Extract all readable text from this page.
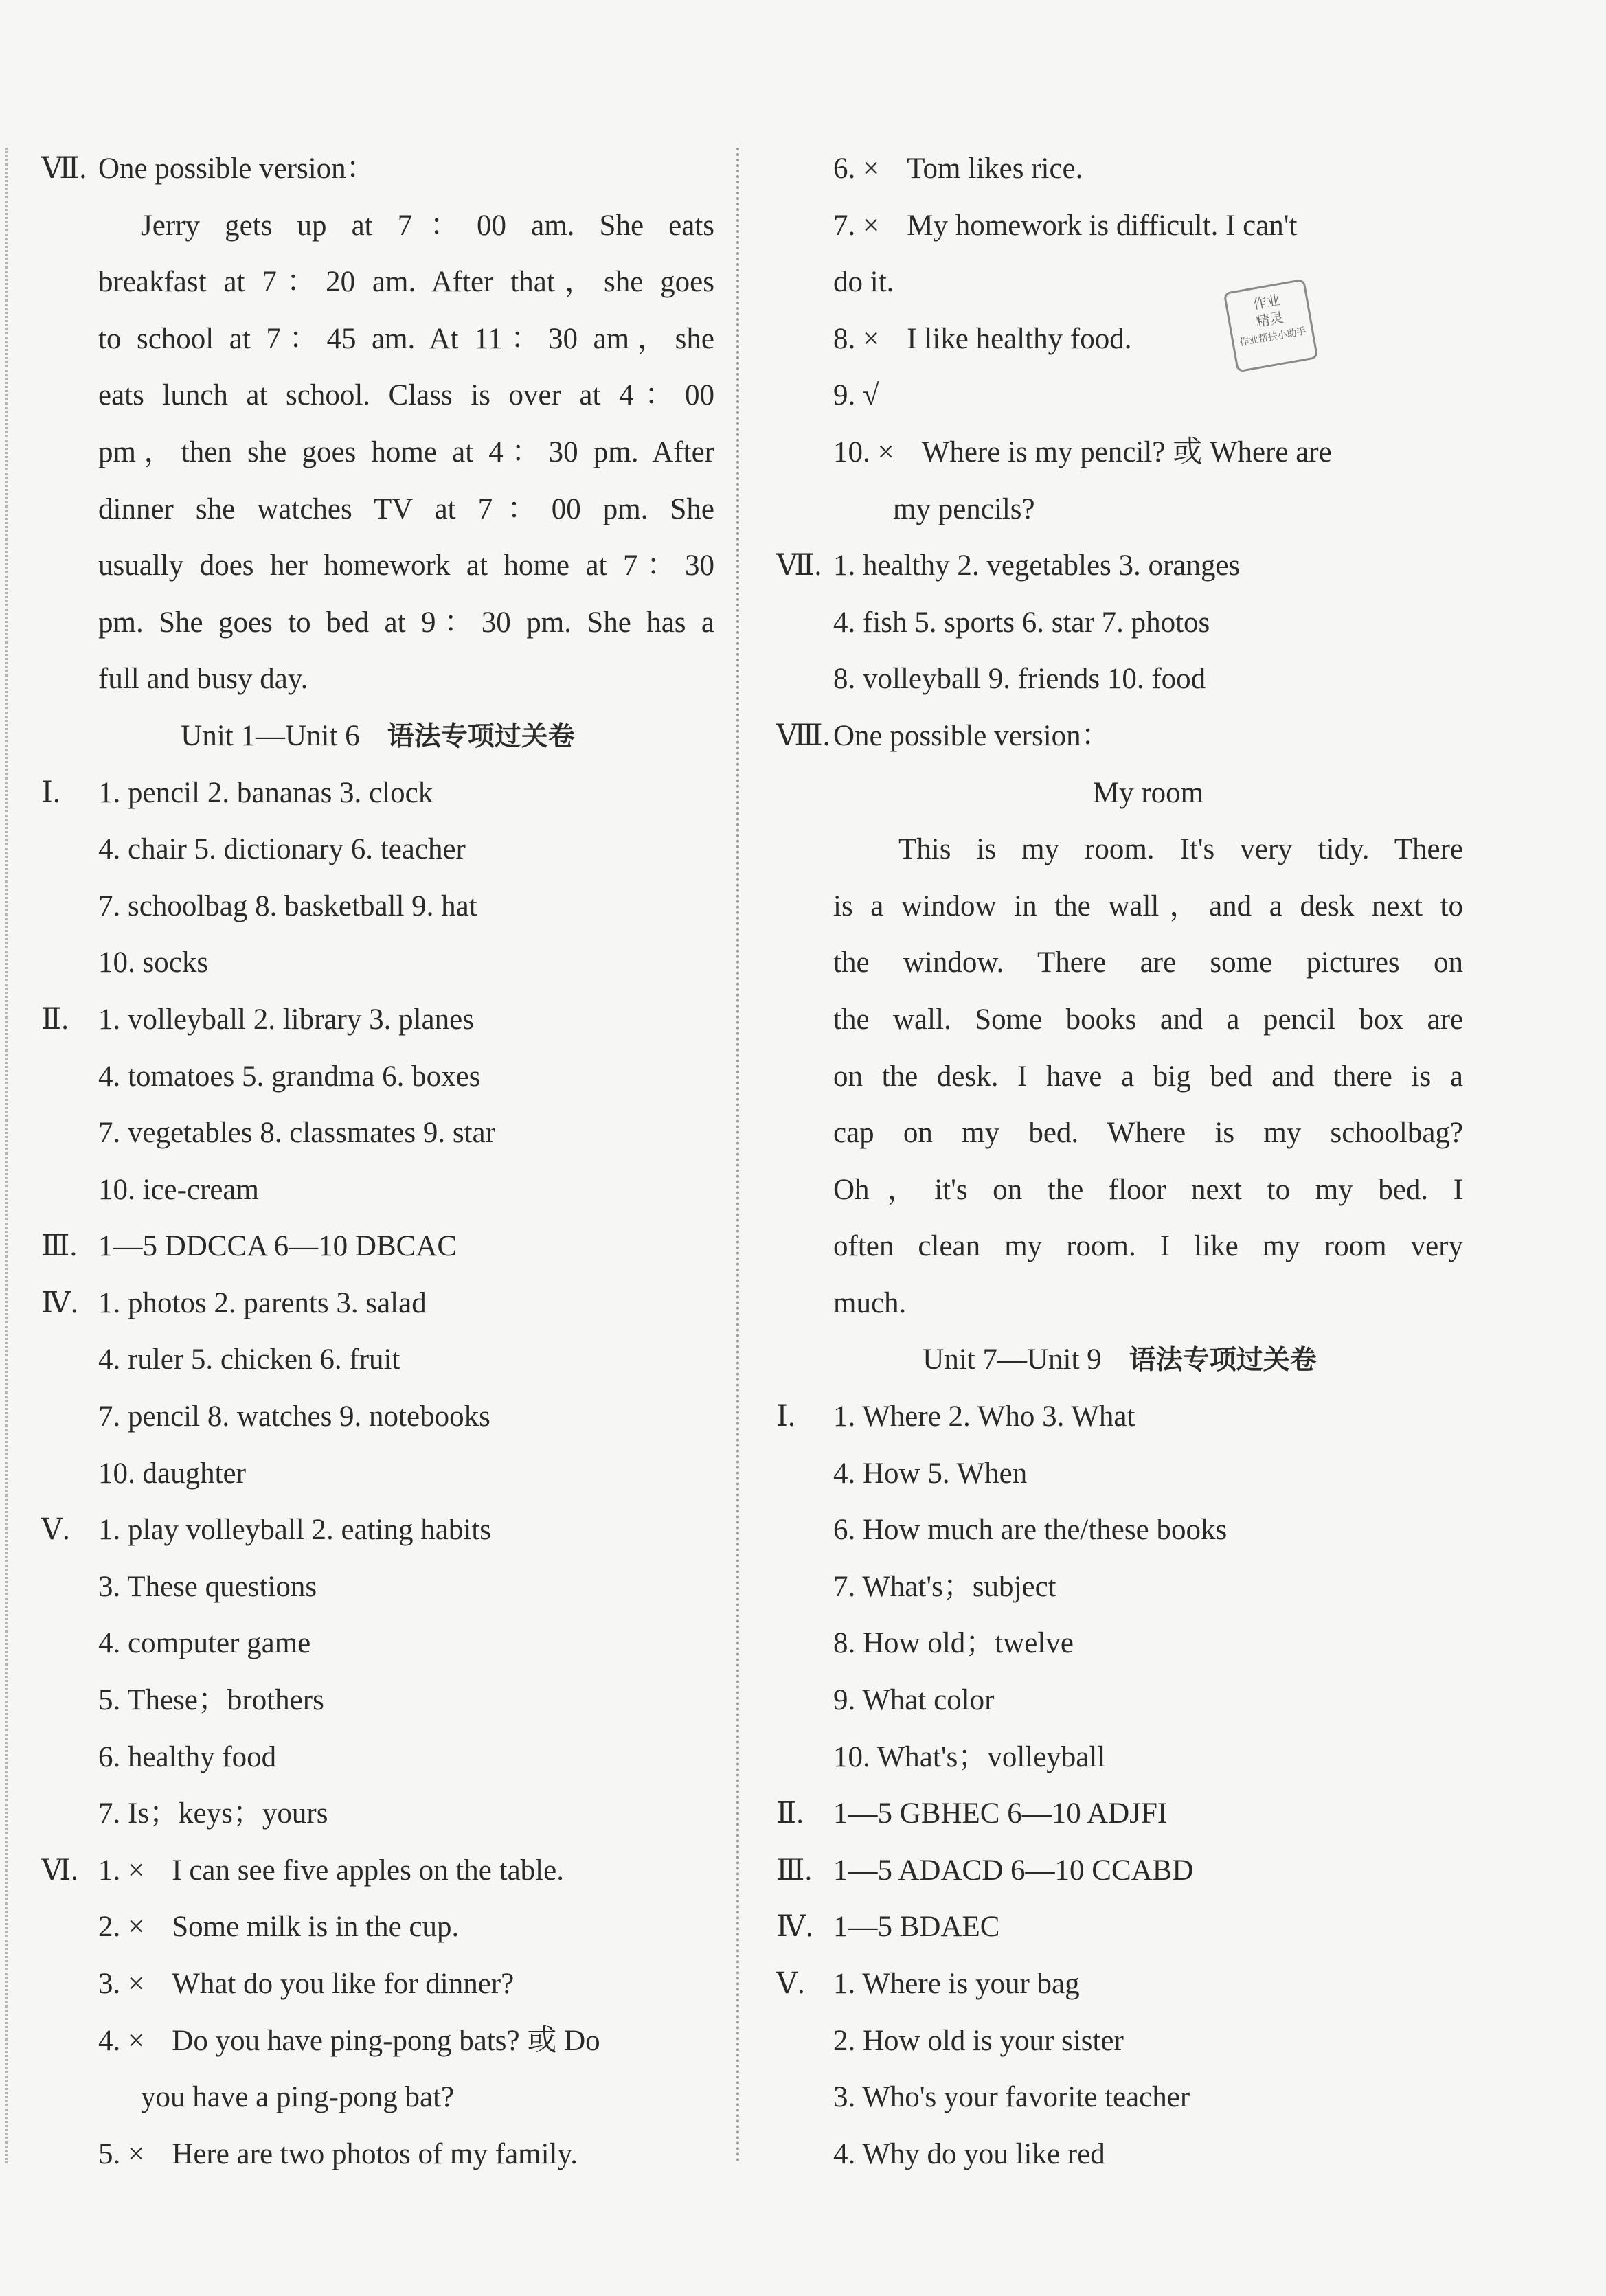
作业
精灵
作业帮扶小助手
Ⅶ. One possible version：
Jerry gets up at 7：00 am. She eats
breakfast at 7：20 am. After that，she goes
to school at 7：45 am. At 11：30 am，she
eats lunch at school. Class is over at 4：00
pm，then she goes home at 4：30 pm. After
dinner she watches TV at 7：00 pm. She
usually does her homework at home at 7：30
pm. She goes to bed at 9：30 pm. She has a
full and busy day.
Unit 1—Unit 6 语法专项过关卷
Ⅰ. 1. pencil 2. bananas 3. clock
4. chair 5. dictionary 6. teacher
7. schoolbag 8. basketball 9. hat
10. socks
Ⅱ. 1. volleyball 2. library 3. planes
4. tomatoes 5. grandma 6. boxes
7. vegetables 8. classmates 9. star
10. ice-cream
Ⅲ. 1—5 DDCCA 6—10 DBCAC
Ⅳ. 1. photos 2. parents 3. salad
4. ruler 5. chicken 6. fruit
7. pencil 8. watches 9. notebooks
10. daughter
Ⅴ. 1. play volleyball 2. eating habits
3. These questions
4. computer game
5. These；brothers
6. healthy food
7. Is；keys；yours
Ⅵ. 1. × I can see five apples on the table.
2. × Some milk is in the cup.
3. × What do you like for dinner?
4. × Do you have ping-pong bats? 或 Do
you have a ping-pong bat?
5. × Here are two photos of my family.
6. × Tom likes rice.
7. × My homework is difficult. I can't
do it.
8. × I like healthy food.
9. √
10. × Where is my pencil? 或 Where are
my pencils?
Ⅶ. 1. healthy 2. vegetables 3. oranges
4. fish 5. sports 6. star 7. photos
8. volleyball 9. friends 10. food
Ⅷ. One possible version：
My room
This is my room. It's very tidy. There
is a window in the wall，and a desk next to
the window. There are some pictures on
the wall. Some books and a pencil box are
on the desk. I have a big bed and there is a
cap on my bed. Where is my schoolbag?
Oh，it's on the floor next to my bed. I
often clean my room. I like my room very
much.
Unit 7—Unit 9 语法专项过关卷
Ⅰ. 1. Where 2. Who 3. What
4. How 5. When
6. How much are the/these books
7. What's；subject
8. How old；twelve
9. What color
10. What's；volleyball
Ⅱ. 1—5 GBHEC 6—10 ADJFI
Ⅲ. 1—5 ADACD 6—10 CCABD
Ⅳ. 1—5 BDAEC
Ⅴ. 1. Where is your bag
2. How old is your sister
3. Who's your favorite teacher
4. Why do you like red
